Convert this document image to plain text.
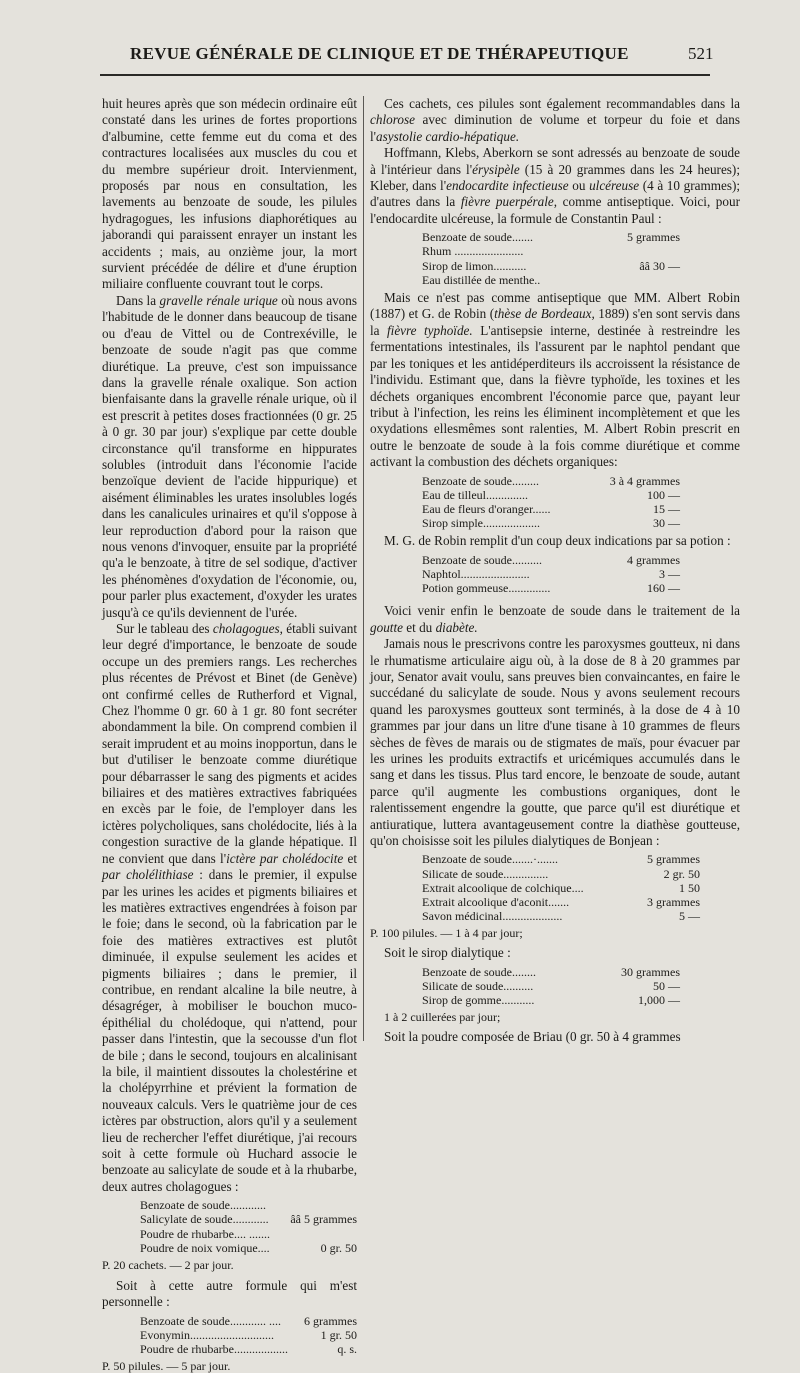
REVUE GÉNÉRALE DE CLINIQUE ET DE THÉRAPEUTIQUE	521

huit heures après que son médecin ordinaire eût constaté dans les urines de fortes proportions d'albumine, cette femme eut du coma et des contractures localisées aux muscles du cou et du membre supérieur droit. Intervienment, proposés par nous en consultation, les lavements au benzoate de soude, les pilules hydragogues, les infusions diaphorétiques au jaborandi qui paraissent enrayer un instant les accidents ; mais, au onzième jour, la mort survient précédée de délire et d'une éruption miliaire confluente couvrant tout le corps.

Dans la gravelle rénale urique où nous avons l'habitude de le donner dans beaucoup de tisane ou d'eau de Vittel ou de Contrexéville, le benzoate de soude n'agit pas que comme diurétique. La preuve, c'est son impuissance dans la gravelle rénale oxalique. Son action bienfaisante dans la gravelle rénale urique, où il est prescrit à petites doses fractionnées (0 gr. 25 à 0 gr. 30 par jour) s'explique par cette double circonstance qu'il transforme en hippurates solubles (introduit dans l'économie l'acide benzoïque devient de l'acide hippurique) et aisément éliminables les urates insolubles logés dans les canalicules urinaires et qu'il s'oppose à leur reproduction d'abord pour la raison que nous venons d'invoquer, ensuite par la propriété qu'a le benzoate, à titre de sel sodique, d'activer les phénomènes d'oxydation de l'économie, ou, pour parler plus exactement, d'oxyder les urates jusqu'à ce qu'ils deviennent de l'urée.

Sur le tableau des cholagogues, établi suivant leur degré d'importance, le benzoate de soude occupe un des premiers rangs. Les recherches plus récentes de Prévost et Binet (de Genève) ont confirmé celles de Rutherford et Vignal, Chez l'homme 0 gr. 60 à 1 gr. 80 font secréter abondamment la bile. On comprend combien il serait imprudent et au moins inopportun, dans le but d'utiliser le benzoate comme diurétique pour débarrasser le sang des pigments et acides biliaires et des matières extractives fabriquées en excès par le foie, de l'employer dans les ictères polycholiques, sans cholédocite, liés à la congestion suractive de la glande hépatique. Il ne convient que dans l'ictère par cholédocite et par cholélithiase : dans le premier, il expulse par les urines les acides et pigments biliaires et les matières extractives engendrées à foison par le foie; dans le second, où la fabrication par le foie des matières extractives est plutôt diminuée, il expulse seulement les acides et pigments biliaires ; dans le premier, il contribue, en rendant alcaline la bile neutre, à désagréger, à mobiliser le bouchon muco-épithélial du cholédoque, qui n'attend, pour passer dans l'intestin, que la secousse d'un flot de bile ; dans le second, toujours en alcalinisant la bile, il maintient dissoutes la cholestérine et la cholépyrrhine et prévient la formation de nouveaux calculs. Vers le quatrième jour de ces ictères par obstruction, alors qu'il y a seulement lieu de rechercher l'effet diurétique, j'ai recours soit à cette formule où Huchard associe le benzoate au salicylate de soude et à la rhubarbe, deux autres cholagogues :

Benzoate de soude............
Salicylate de soude............ ââ 5 grammes
Poudre de rhubarbe.... .......
Poudre de noix vomique....	0 gr. 50
P. 20 cachets. — 2 par jour.

Soit à cette autre formule qui m'est personnelle :

Benzoate de soude............ .... 6 grammes
Evonymin............................	1 gr. 50
Poudre de rhubarbe..................	q. s.
P. 50 pilules. — 5 par jour.

Ces cachets, ces pilules sont également recommandables dans la chlorose avec diminution de volume et torpeur du foie et dans l'asystolie cardio-hépatique.

Hoffmann, Klebs, Aberkorn se sont adressés au benzoate de soude à l'intérieur dans l'érysipèle (15 à 20 grammes dans les 24 heures); Kleber, dans l'endocardite infectieuse ou ulcéreuse (4 à 10 grammes); d'autres dans la fièvre puerpérale, comme antiseptique. Voici, pour l'endocardite ulcéreuse, la formule de Constantin Paul :

Benzoate de soude.......	5 grammes
Rhum .......................
Sirop de limon...........	ââ 30 —
Eau distillée de menthe..

Mais ce n'est pas comme antiseptique que MM. Albert Robin (1887) et G. de Robin (thèse de Bordeaux, 1889) s'en sont servis dans la fièvre typhoïde. L'antisepsie interne, destinée à restreindre les fermentations intestinales, ils l'assurent par le naphtol pendant que par les toniques et les antidéperditeurs ils accroissent la résistance de l'individu. Estimant que, dans la fièvre typhoïde, les toxines et les déchets organiques encombrent l'économie parce que, payant leur tribut à l'infection, les reins les éliminent incomplètement et que les oxydations ellesmêmes sont ralenties, M. Albert Robin prescrit en outre le benzoate de soude à la fois comme diurétique et comme activant la combustion des déchets organiques:

Benzoate de soude.........	3 à 4 grammes
Eau de tilleul..............	100 —
Eau de fleurs d'oranger......	15 —
Sirop simple...................	30 —

M. G. de Robin remplit d'un coup deux indications par sa potion :

Benzoate de soude..........	4 grammes
Naphtol.......................	3 —
Potion gommeuse..............	160 —

Voici venir enfin le benzoate de soude dans le traitement de la goutte et du diabète.

Jamais nous le prescrivons contre les paroxysmes goutteux, ni dans le rhumatisme articulaire aigu où, à la dose de 8 à 20 grammes par jour, Senator avait voulu, sans preuves bien convaincantes, en faire le succédané du salicylate de soude. Nous y avons seulement recours quand les paroxysmes goutteux sont terminés, à la dose de 4 à 10 grammes par jour dans un litre d'une tisane à 10 grammes de fleurs sèches de fèves de marais ou de stigmates de maïs, pour évacuer par les urines les produits extractifs et uricémiques accumulés dans le sang et dans les tissus. Plus tard encore, le benzoate de soude, autant parce qu'il augmente les combustions organiques, dont le ralentissement engendre la goutte, que parce qu'il est diurétique et antiuratique, luttera avantageusement contre la diathèse goutteuse, qu'on choisisse soit les pilules dialytiques de Bonjean :

Benzoate de soude.......·.......	5 grammes
Silicate de soude...............	2 gr. 50
Extrait alcoolique de colchique....	1 50
Extrait alcoolique d'aconit.......	3 grammes
Savon médicinal....................	5 —
P. 100 pilules. — 1 à 4 par jour;

Soit le sirop dialytique :

Benzoate de soude........	30 grammes
Silicate de soude..........	50 —
Sirop de gomme...........	1,000 —
1 à 2 cuillerées par jour;

Soit la poudre composée de Briau (0 gr. 50 à 4 grammes
